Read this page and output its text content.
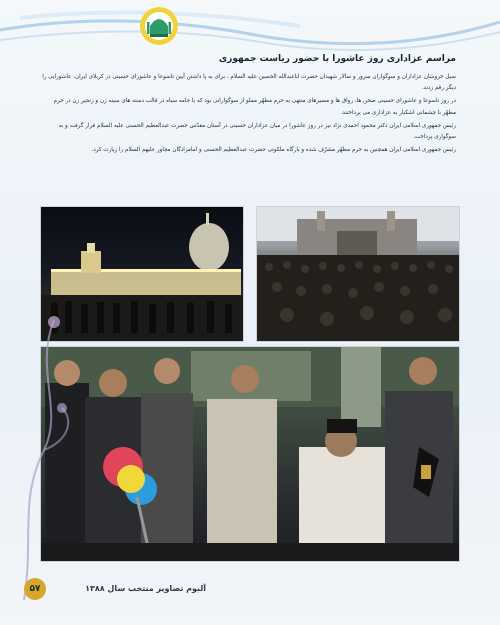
مراسم عزاداری روز عاشورا با حضور ریاست جمهوری

سیل خروشان عزاداران و سوگواران سرور و سالار شهیدان حضرت اباعبدالله الحسین علیه السلام ، برای به پا داشتن آیین تاسوعا و عاشورای حسینی در کربلای ایران، عاشورایی را دیگر رقم زدند.

در روز تاسوعا و عاشورای حسینی صحن ها، رواق ها و مسیرهای منتهی به حرم مطهّر مملو از سوگوارانی بود که با جامه سیاه در قالب دسته های سینه زن و زنجیر زن در حرم مطهّر با چشمانی اشکبار به عزاداری می پرداختند.

رئیس جمهوری اسلامی ایران دکتر محمود احمدی نژاد نیز در روز عاشورا در میان عزاداران حسینی در آستان مقدّس حضرت عبدالعظیم الحسنی علیه السلام قرار گرفت و به سوگواری پرداخت.

رئیس جمهوری اسلامی ایران همچنین به حرم مطهّر مشرّف شده و بارگاه ملکوتی حضرت عبدالعظیم الحسنی و امامزادگان مجاور علیهم السلام را زیارت کرد.

۵۷	آلبوم تصاویر منتخب سال ۱۳۸۸
